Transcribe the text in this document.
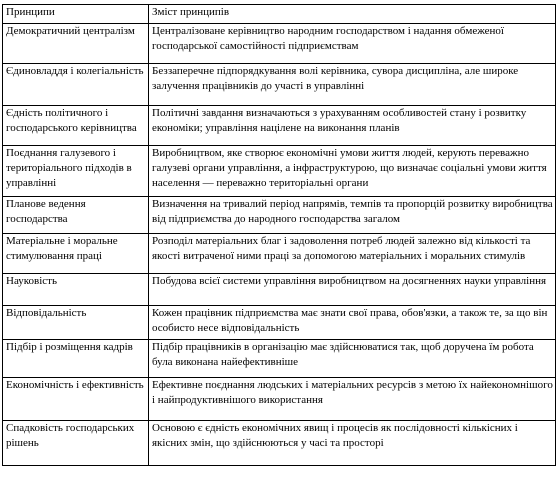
Принципи	Зміст принципів
Демократичний централізм	Централізоване керівництво народним господарством і надання обмеженої господарської самостійності підприємствам
Єдиновладдя і колегіальність	Беззаперечне підпорядкування волі керівника, сувора дисципліна, але широке залучення працівників до участі в управлінні
Єдність політичного і господарського керівництва	Політичні завдання визначаються з урахуванням особливостей стану і розвитку економіки; управління націлене на виконання планів
Поєднання галузевого і територіального підходів в управлінні	Виробництвом, яке створює економічні умови життя людей, керують переважно галузеві органи управління, а інфраструктурою, що визначає соціальні умови життя населення — переважно територіальні органи
Планове ведення господарства	Визначення на тривалий період напрямів, темпів та пропорцій розвитку виробництва від підприємства до народного господарства загалом
Матеріальне і моральне стимулювання праці	Розподіл матеріальних благ і задоволення потреб людей залежно від кількості та якості витраченої ними праці за допомогою матеріальних і моральних стимулів
Науковість	Побудова всієї системи управління виробництвом на досягненнях науки управління
Відповідальність	Кожен працівник підприємства має знати свої права, обов'язки, а також те, за що він особисто несе відповідальність
Підбір і розміщення кадрів	Підбір працівників в організацію має здійснюватися так, щоб доручена їм робота була виконана найефективніше
Економічність і ефективність	Ефективне поєднання людських і матеріальних ресурсів з метою їх найекономнішого і найпродуктивнішого використання
Спадковість господарських рішень	Основою є єдність економічних явищ і процесів як послідовності кількісних і якісних змін, що здійснюються у часі та просторі
